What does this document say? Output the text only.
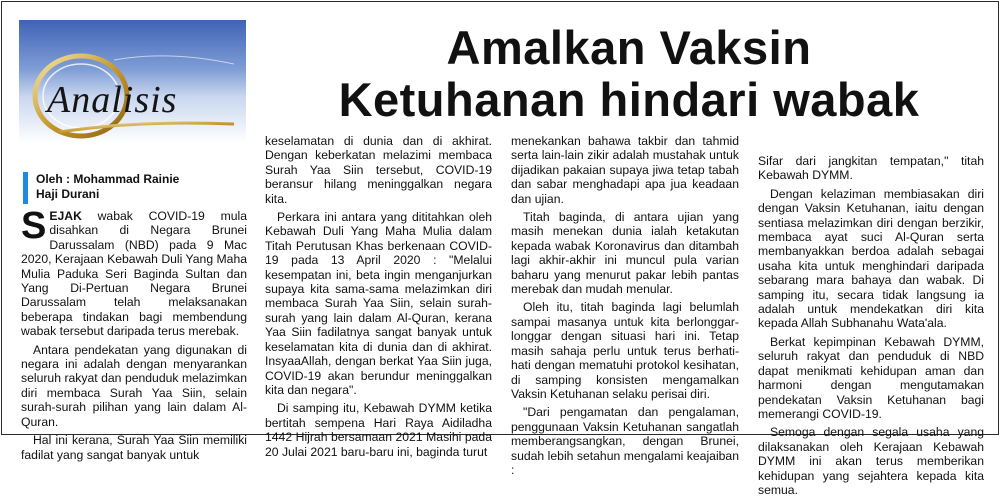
Analisis
Oleh : Mohammad Rainie
Haji Durani
Amalkan Vaksin
Ketuhanan hindari wabak

SEJAK wabak COVID-19 mula disahkan di Negara Brunei Darussalam (NBD) pada 9 Mac 2020, Kerajaan Kebawah Duli Yang Maha Mulia Paduka Seri Baginda Sultan dan Yang Di-Pertuan Negara Brunei Darussalam telah melaksanakan beberapa tindakan bagi membendung wabak tersebut daripada terus merebak.

Antara pendekatan yang digunakan di negara ini adalah dengan menyarankan seluruh rakyat dan penduduk melazimkan diri membaca Surah Yaa Siin, selain surah-surah pilihan yang lain dalam Al-Quran.

Hal ini kerana, Surah Yaa Siin memiliki fadilat yang sangat banyak untuk

keselamatan di dunia dan di akhirat. Dengan keberkatan melazimi membaca Surah Yaa Siin tersebut, COVID-19 beransur hilang meninggalkan negara kita.

Perkara ini antara yang dititahkan oleh Kebawah Duli Yang Maha Mulia dalam Titah Perutusan Khas berkenaan COVID-19 pada 13 April 2020 : "Melalui kesempatan ini, beta ingin menganjurkan supaya kita sama-sama melazimkan diri membaca Surah Yaa Siin, selain surah-surah yang lain dalam Al-Quran, kerana Yaa Siin fadilatnya sangat banyak untuk keselamatan kita di dunia dan di akhirat. InsyaaAllah, dengan berkat Yaa Siin juga, COVID-19 akan berundur meninggalkan kita dan negara".

Di samping itu, Kebawah DYMM ketika bertitah sempena Hari Raya Aidiladha 1442 Hijrah bersamaan 2021 Masihi pada 20 Julai 2021 baru-baru ini, baginda turut

menekankan bahawa takbir dan tahmid serta lain-lain zikir adalah mustahak untuk dijadikan pakaian supaya jiwa tetap tabah dan sabar menghadapi apa jua keadaan dan ujian.

Titah baginda, di antara ujian yang masih menekan dunia ialah ketakutan kepada wabak Koronavirus dan ditambah lagi akhir-akhir ini muncul pula varian baharu yang menurut pakar lebih pantas merebak dan mudah menular.

Oleh itu, titah baginda lagi belumlah sampai masanya untuk kita berlonggar-longgar dengan situasi hari ini. Tetap masih sahaja perlu untuk terus berhati-hati dengan mematuhi protokol kesihatan, di samping konsisten mengamalkan Vaksin Ketuhanan selaku perisai diri.

"Dari pengamatan dan pengalaman, penggunaan Vaksin Ketuhanan sangatlah memberangsangkan, dengan Brunei, sudah lebih setahun mengalami keajaiban :

Sifar dari jangkitan tempatan," titah Kebawah DYMM.

Dengan kelaziman membiasakan diri dengan Vaksin Ketuhanan, iaitu dengan sentiasa melazimkan diri dengan berzikir, membaca ayat suci Al-Quran serta membanyakkan berdoa adalah sebagai usaha kita untuk menghindari daripada sebarang mara bahaya dan wabak. Di samping itu, secara tidak langsung ia adalah untuk mendekatkan diri kita kepada Allah Subhanahu Wata'ala.

Berkat kepimpinan Kebawah DYMM, seluruh rakyat dan penduduk di NBD dapat menikmati kehidupan aman dan harmoni dengan mengutamakan pendekatan Vaksin Ketuhanan bagi memerangi COVID-19.

Semoga dengan segala usaha yang dilaksanakan oleh Kerajaan Kebawah DYMM ini akan terus memberikan kehidupan yang sejahtera kepada kita semua.
